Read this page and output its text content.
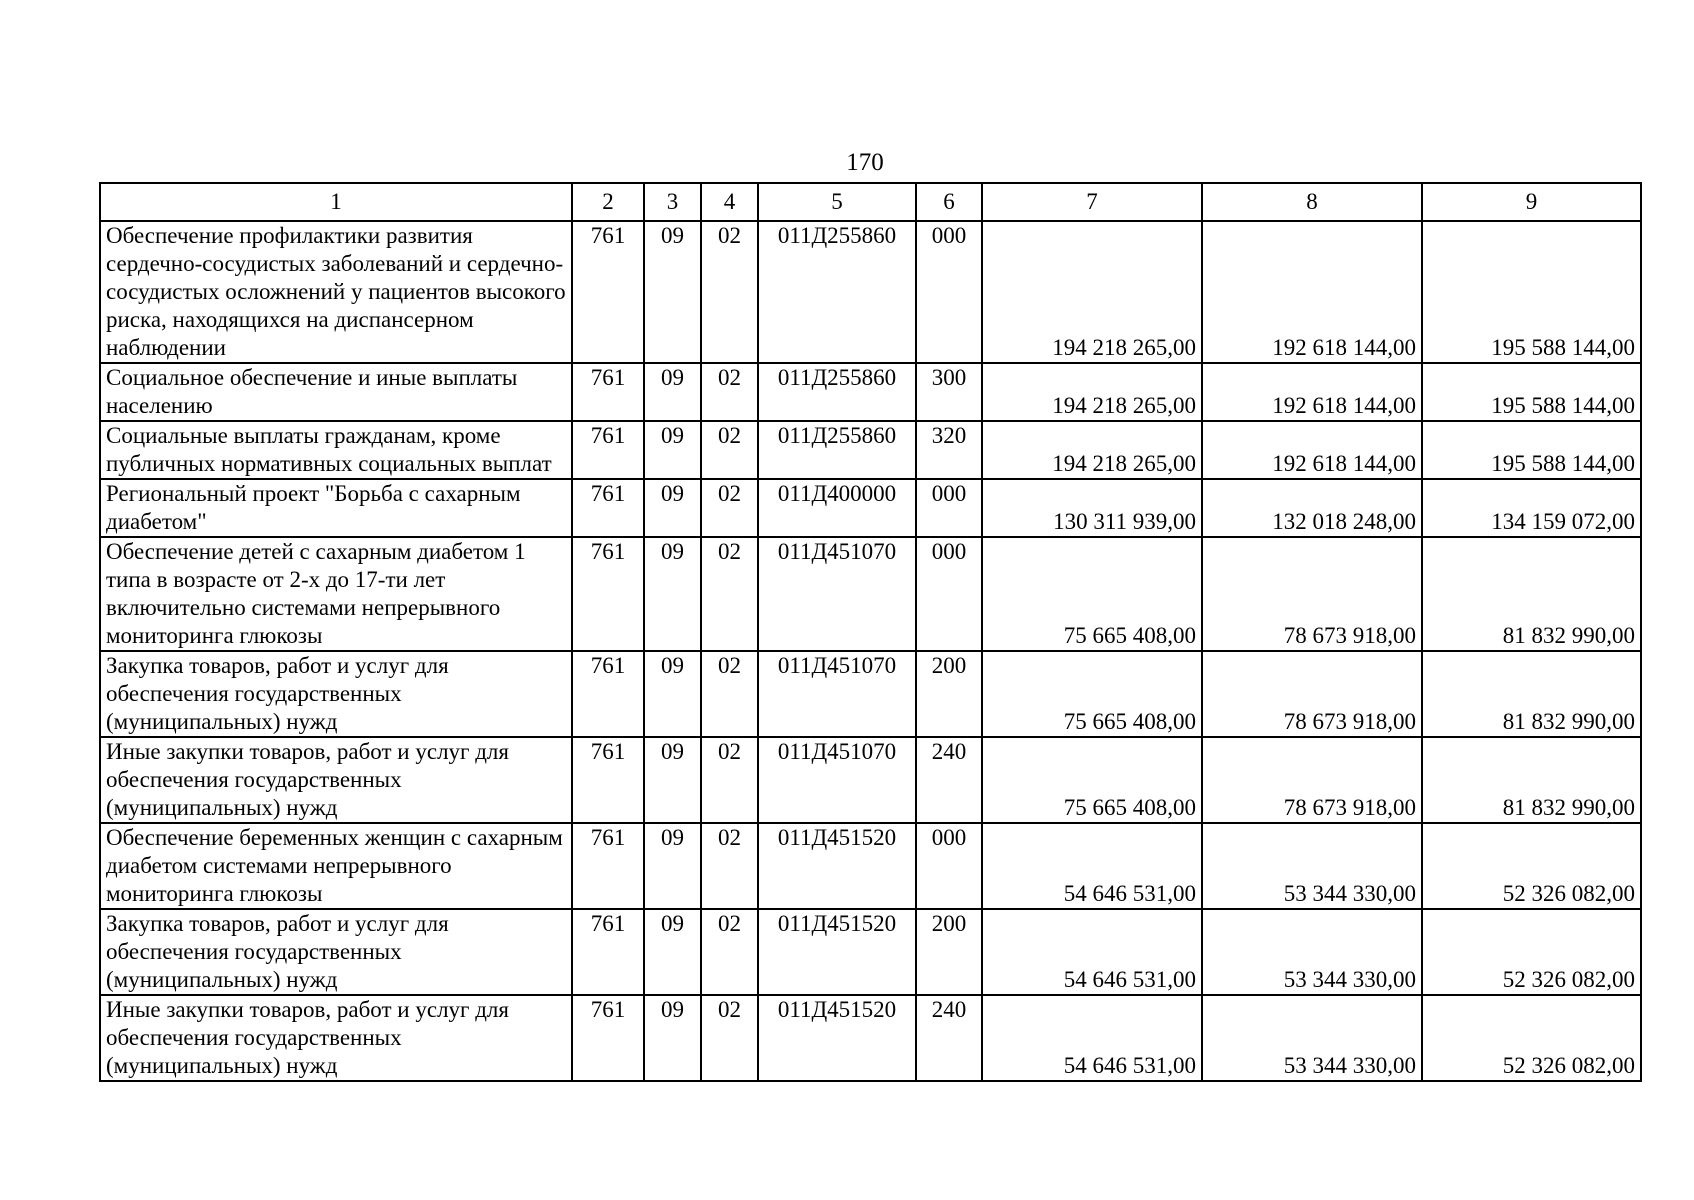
170
1	2	3	4	5	6	7	8	9
Обеспечение профилактики развития сердечно-сосудистых заболеваний и сердечно-сосудистых осложнений у пациентов высокого риска, находящихся на диспансерном наблюдении	761	09	02	011Д255860	000	194 218 265,00	192 618 144,00	195 588 144,00
Социальное обеспечение и иные выплаты населению	761	09	02	011Д255860	300	194 218 265,00	192 618 144,00	195 588 144,00
Социальные выплаты гражданам, кроме публичных нормативных социальных выплат	761	09	02	011Д255860	320	194 218 265,00	192 618 144,00	195 588 144,00
Региональный проект "Борьба с сахарным диабетом"	761	09	02	011Д400000	000	130 311 939,00	132 018 248,00	134 159 072,00
Обеспечение детей с сахарным диабетом 1 типа в возрасте от 2-х до 17-ти лет включительно системами непрерывного мониторинга глюкозы	761	09	02	011Д451070	000	75 665 408,00	78 673 918,00	81 832 990,00
Закупка товаров, работ и услуг для обеспечения государственных (муниципальных) нужд	761	09	02	011Д451070	200	75 665 408,00	78 673 918,00	81 832 990,00
Иные закупки товаров, работ и услуг для обеспечения государственных (муниципальных) нужд	761	09	02	011Д451070	240	75 665 408,00	78 673 918,00	81 832 990,00
Обеспечение беременных женщин с сахарным диабетом системами непрерывного мониторинга глюкозы	761	09	02	011Д451520	000	54 646 531,00	53 344 330,00	52 326 082,00
Закупка товаров, работ и услуг для обеспечения государственных (муниципальных) нужд	761	09	02	011Д451520	200	54 646 531,00	53 344 330,00	52 326 082,00
Иные закупки товаров, работ и услуг для обеспечения государственных (муниципальных) нужд	761	09	02	011Д451520	240	54 646 531,00	53 344 330,00	52 326 082,00
